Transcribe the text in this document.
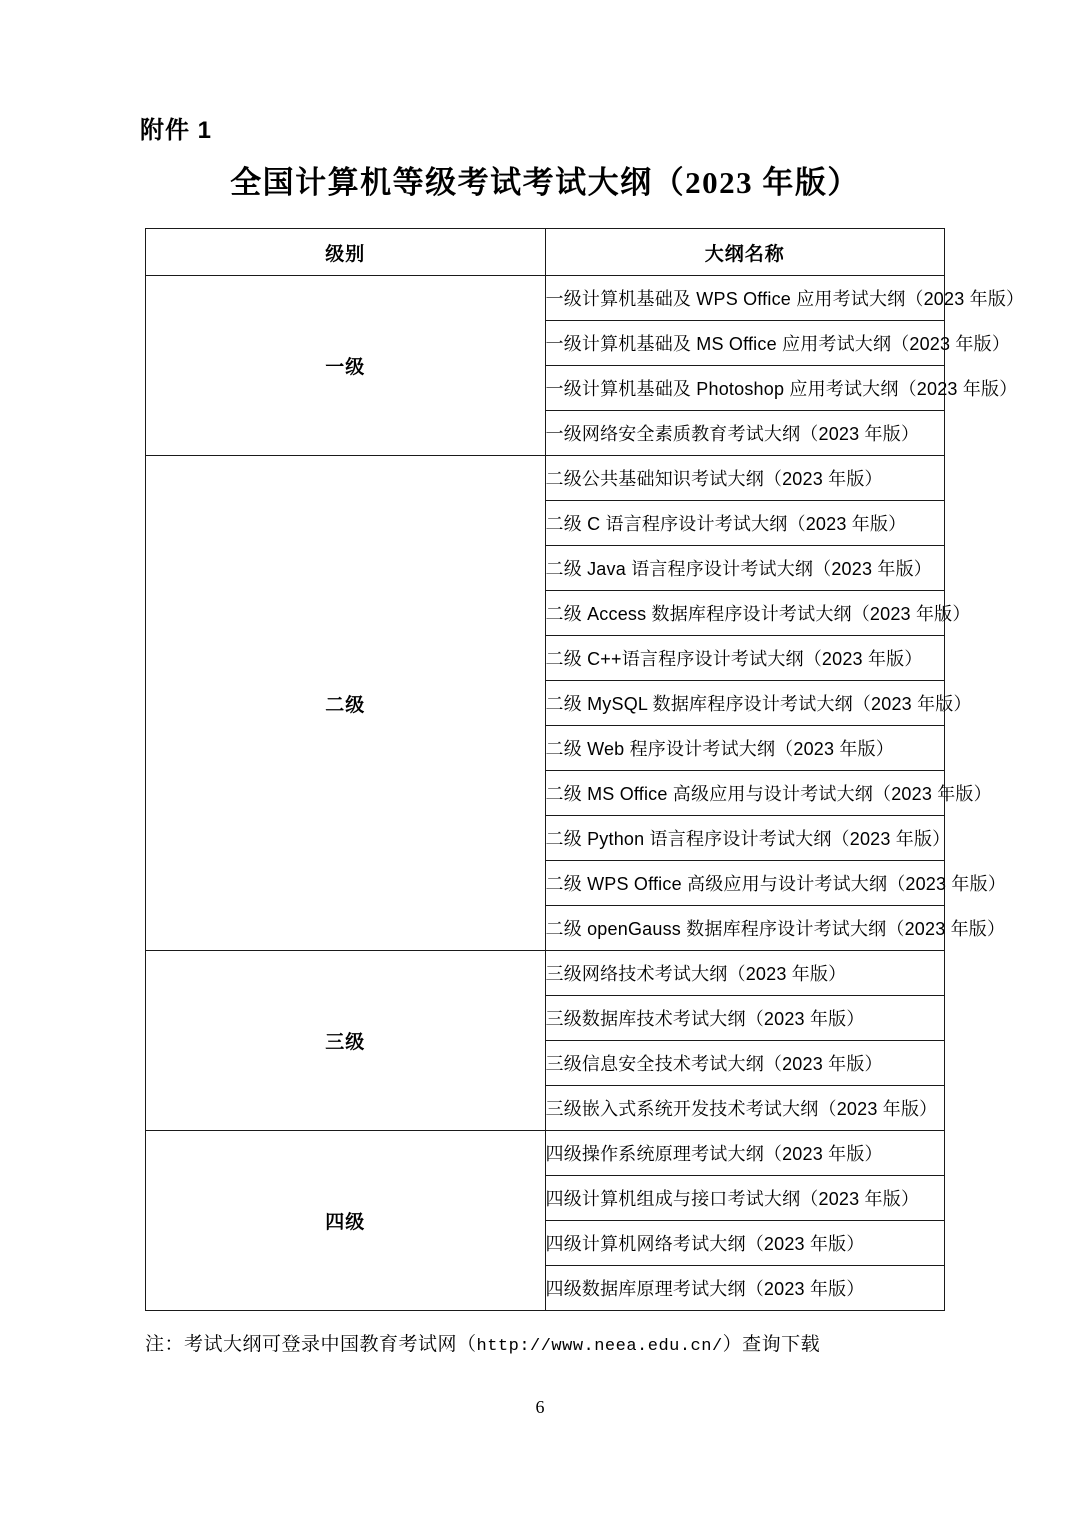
附件 1
全国计算机等级考试考试大纲（2023 年版）
级别	大纲名称
一级	一级计算机基础及 WPS Office 应用考试大纲（2023 年版）
	一级计算机基础及 MS Office 应用考试大纲（2023 年版）
	一级计算机基础及 Photoshop 应用考试大纲（2023 年版）
	一级网络安全素质教育考试大纲（2023 年版）
二级	二级公共基础知识考试大纲（2023 年版）
	二级 C 语言程序设计考试大纲（2023 年版）
	二级 Java 语言程序设计考试大纲（2023 年版）
	二级 Access 数据库程序设计考试大纲（2023 年版）
	二级 C++语言程序设计考试大纲（2023 年版）
	二级 MySQL 数据库程序设计考试大纲（2023 年版）
	二级 Web 程序设计考试大纲（2023 年版）
	二级 MS Office 高级应用与设计考试大纲（2023 年版）
	二级 Python 语言程序设计考试大纲（2023 年版）
	二级 WPS Office 高级应用与设计考试大纲（2023 年版）
	二级 openGauss 数据库程序设计考试大纲（2023 年版）
三级	三级网络技术考试大纲（2023 年版）
	三级数据库技术考试大纲（2023 年版）
	三级信息安全技术考试大纲（2023 年版）
	三级嵌入式系统开发技术考试大纲（2023 年版）
四级	四级操作系统原理考试大纲（2023 年版）
	四级计算机组成与接口考试大纲（2023 年版）
	四级计算机网络考试大纲（2023 年版）
	四级数据库原理考试大纲（2023 年版）
注：考试大纲可登录中国教育考试网（http://www.neea.edu.cn/）查询下载
6
